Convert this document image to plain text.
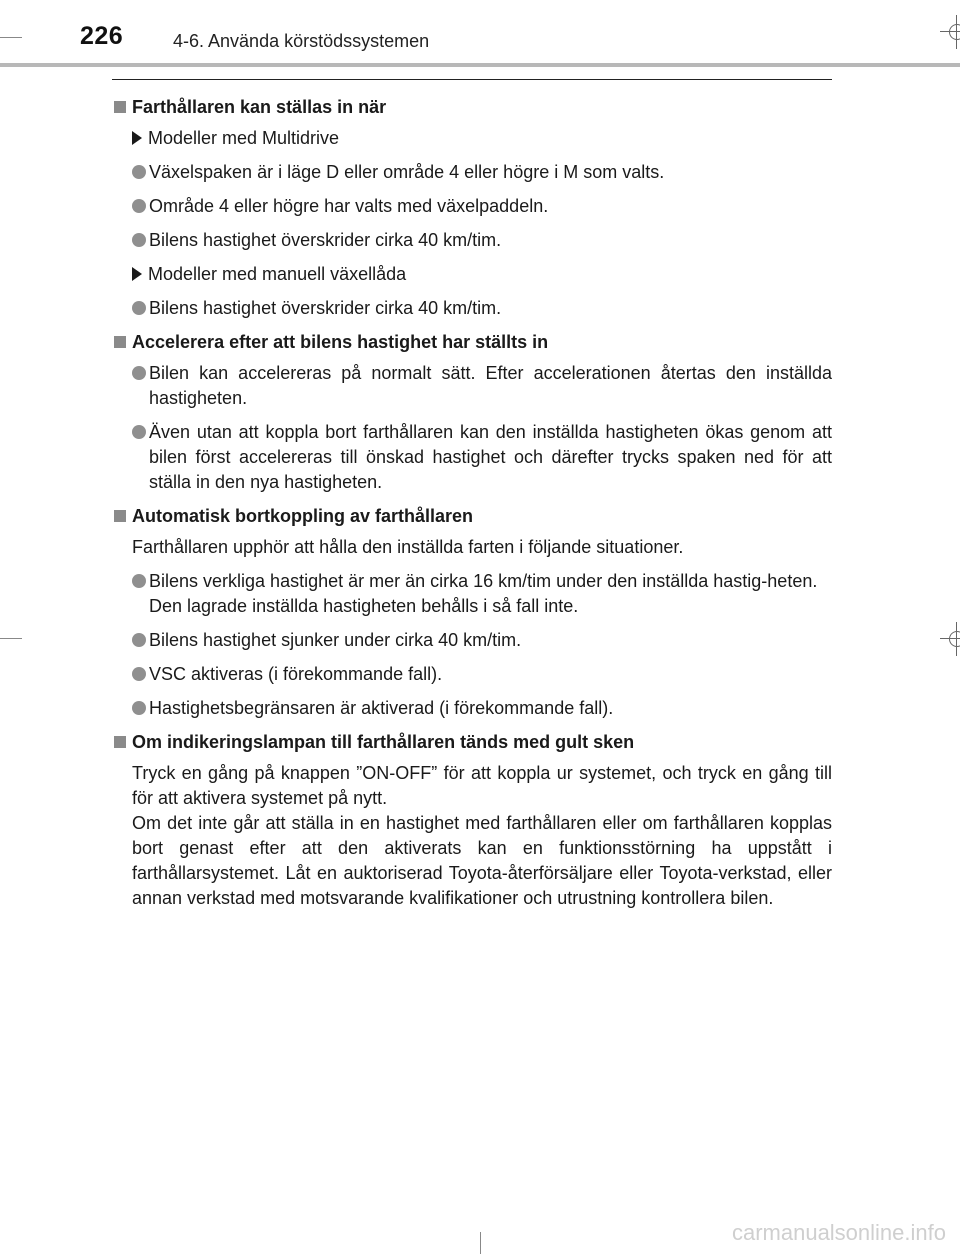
226	4-6. Använda körstödssystemen
Farthållaren kan ställas in när
Modeller med Multidrive
Växelspaken är i läge D eller område 4 eller högre i M som valts.
Område 4 eller högre har valts med växelpaddeln.
Bilens hastighet överskrider cirka 40 km/tim.
Modeller med manuell växellåda
Bilens hastighet överskrider cirka 40 km/tim.
Accelerera efter att bilens hastighet har ställts in
Bilen kan accelereras på normalt sätt. Efter accelerationen återtas den inställda hastigheten.
Även utan att koppla bort farthållaren kan den inställda hastigheten ökas genom att bilen först accelereras till önskad hastighet och därefter trycks spaken ned för att ställa in den nya hastigheten.
Automatisk bortkoppling av farthållaren
Farthållaren upphör att hålla den inställda farten i följande situationer.
Bilens verkliga hastighet är mer än cirka 16 km/tim under den inställda hastig-heten.
Den lagrade inställda hastigheten behålls i så fall inte.
Bilens hastighet sjunker under cirka 40 km/tim.
VSC aktiveras (i förekommande fall).
Hastighetsbegränsaren är aktiverad (i förekommande fall).
Om indikeringslampan till farthållaren tänds med gult sken
Tryck en gång på knappen ”ON-OFF” för att koppla ur systemet, och tryck en gång till för att aktivera systemet på nytt.
Om det inte går att ställa in en hastighet med farthållaren eller om farthållaren kopplas bort genast efter att den aktiverats kan en funktionsstörning ha uppstått i farthållarsystemet. Låt en auktoriserad Toyota-återförsäljare eller Toyota-verkstad, eller annan verkstad med motsvarande kvalifikationer och utrustning kontrollera bilen.
carmanualsonline.info
